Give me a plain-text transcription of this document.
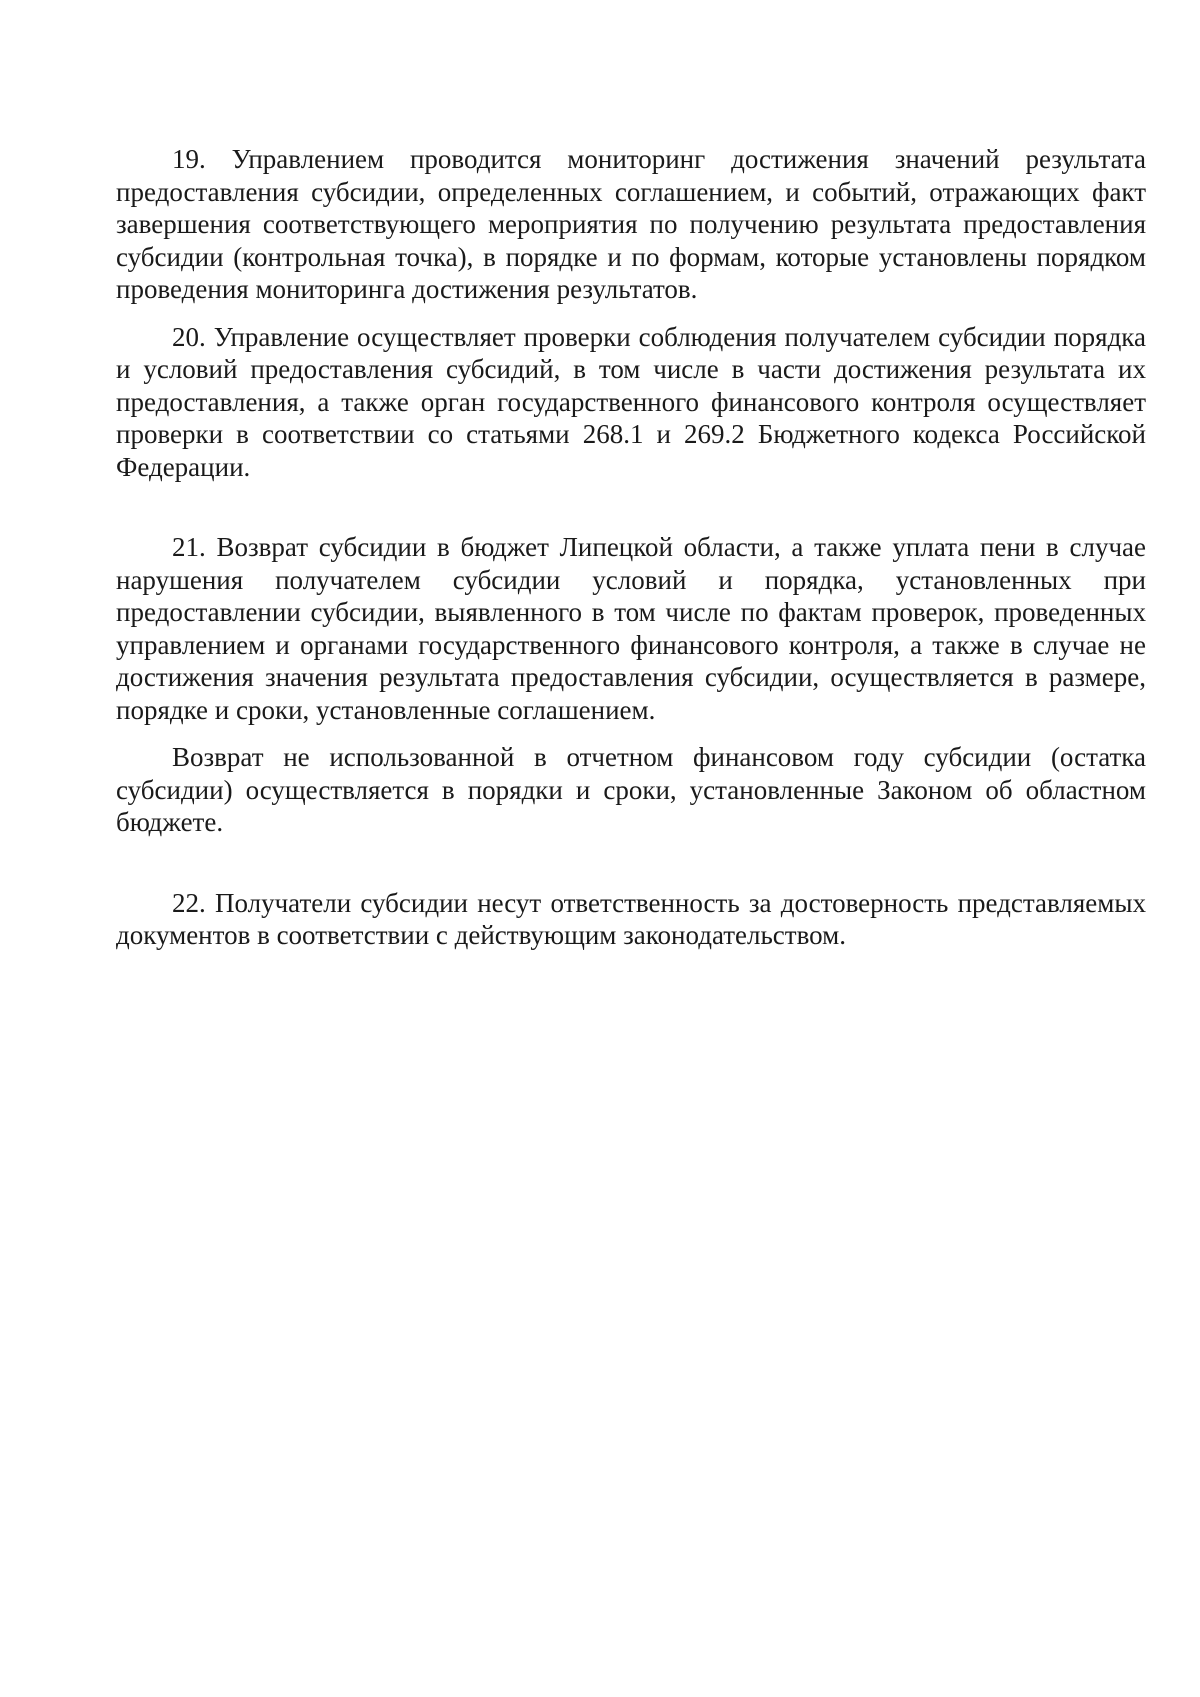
19. Управлением проводится мониторинг достижения значений результата предоставления субсидии, определенных соглашением, и событий, отражающих факт завершения соответствующего мероприятия по получению результата предоставления субсидии (контрольная точка), в порядке и по формам, которые установлены порядком проведения мониторинга достижения результатов.

20. Управление осуществляет проверки соблюдения получателем субсидии порядка и условий предоставления субсидий, в том числе в части достижения результата их предоставления, а также орган государственного финансового контроля осуществляет проверки в соответствии со статьями 268.1 и 269.2 Бюджетного кодекса Российской Федерации.

21. Возврат субсидии в бюджет Липецкой области, а также уплата пени в случае нарушения получателем субсидии условий и порядка, установленных при предоставлении субсидии, выявленного в том числе по фактам проверок, проведенных управлением и органами государственного финансового контроля, а также в случае не достижения значения результата предоставления субсидии, осуществляется в размере, порядке и сроки, установленные соглашением.

Возврат не использованной в отчетном финансовом году субсидии (остатка субсидии) осуществляется в порядки и сроки, установленные Законом об областном бюджете.

22. Получатели субсидии несут ответственность за достоверность представляемых документов в соответствии с действующим законодательством.
